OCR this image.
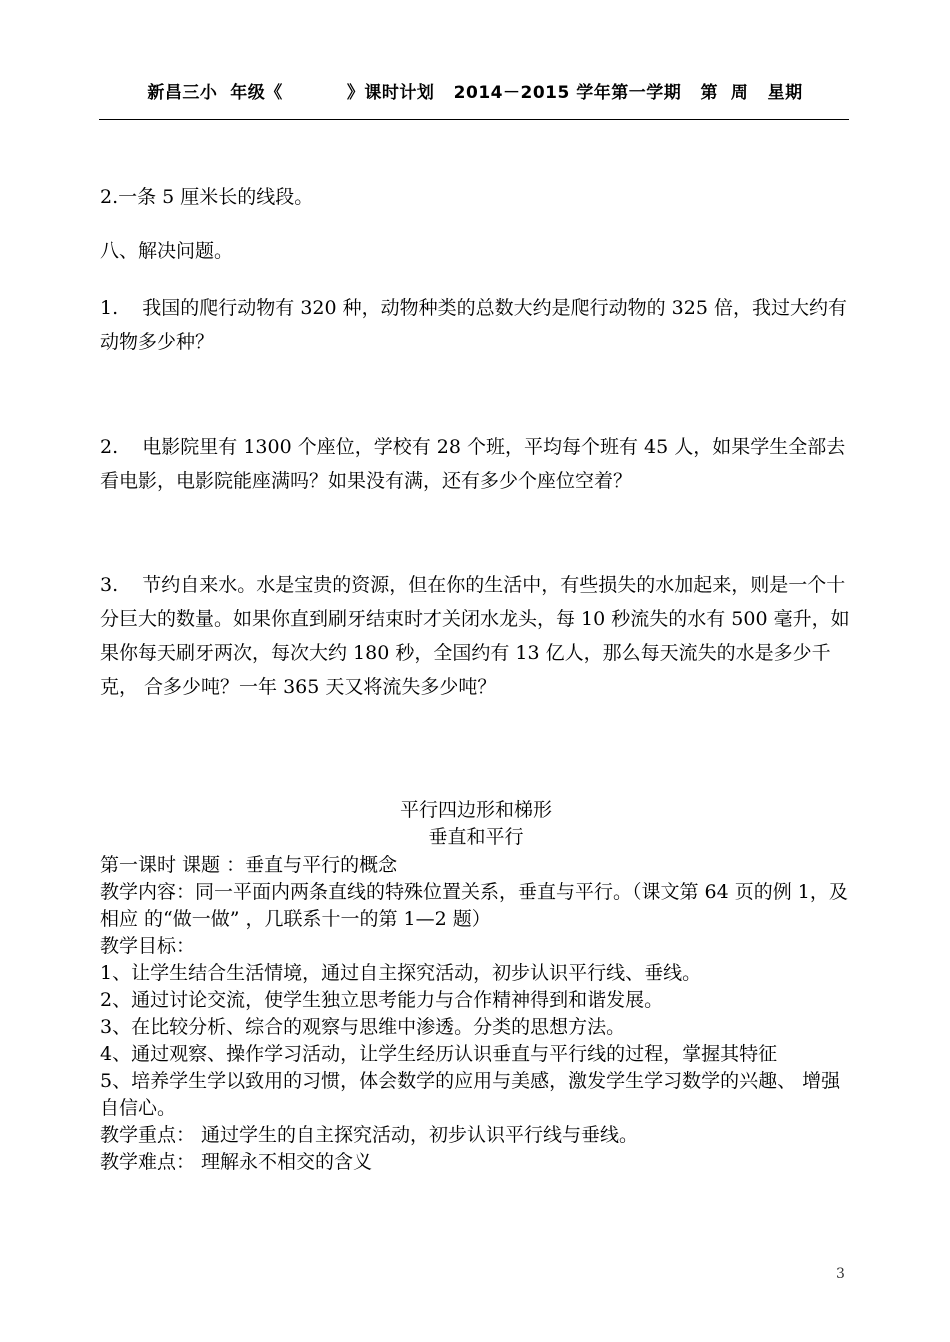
新昌三小  年级《          》课时计划   2014－2015 学年第一学期   第  周   星期
2.一条 5 厘米长的线段。
八、解决问题。
1.    我国的爬行动物有 320 种，动物种类的总数大约是爬行动物的 325 倍，我过大约有动物多少种？
2.    电影院里有 1300 个座位，学校有 28 个班，平均每个班有 45 人，如果学生全部去看电影，电影院能座满吗？如果没有满，还有多少个座位空着？
3.    节约自来水。水是宝贵的资源，但在你的生活中，有些损失的水加起来，则是一个十分巨大的数量。如果你直到刷牙结束时才关闭水龙头，每 10 秒流失的水有 500 毫升，如果你每天刷牙两次，每次大约 180 秒，全国约有 13 亿人，那么每天流失的水是多少千克， 合多少吨？一年 365 天又将流失多少吨？
平行四边形和梯形
垂直和平行

第一课时 课题 ：垂直与平行的概念

教学内容：同一平面内两条直线的特殊位置关系，垂直与平行。（课文第 64 页的例 1，及相应 的“做一做” ，几联系十一的第 1—2 题）

教学目标：

1、让学生结合生活情境，通过自主探究活动，初步认识平行线、垂线。

2、通过讨论交流，使学生独立思考能力与合作精神得到和谐发展。

3、在比较分析、综合的观察与思维中渗透。分类的思想方法。

4、通过观察、操作学习活动，让学生经历认识垂直与平行线的过程，掌握其特征

5、培养学生学以致用的习惯，体会数学的应用与美感，激发学生学习数学的兴趣、 增强自信心。

教学重点： 通过学生的自主探究活动，初步认识平行线与垂线。

教学难点： 理解永不相交的含义

3
